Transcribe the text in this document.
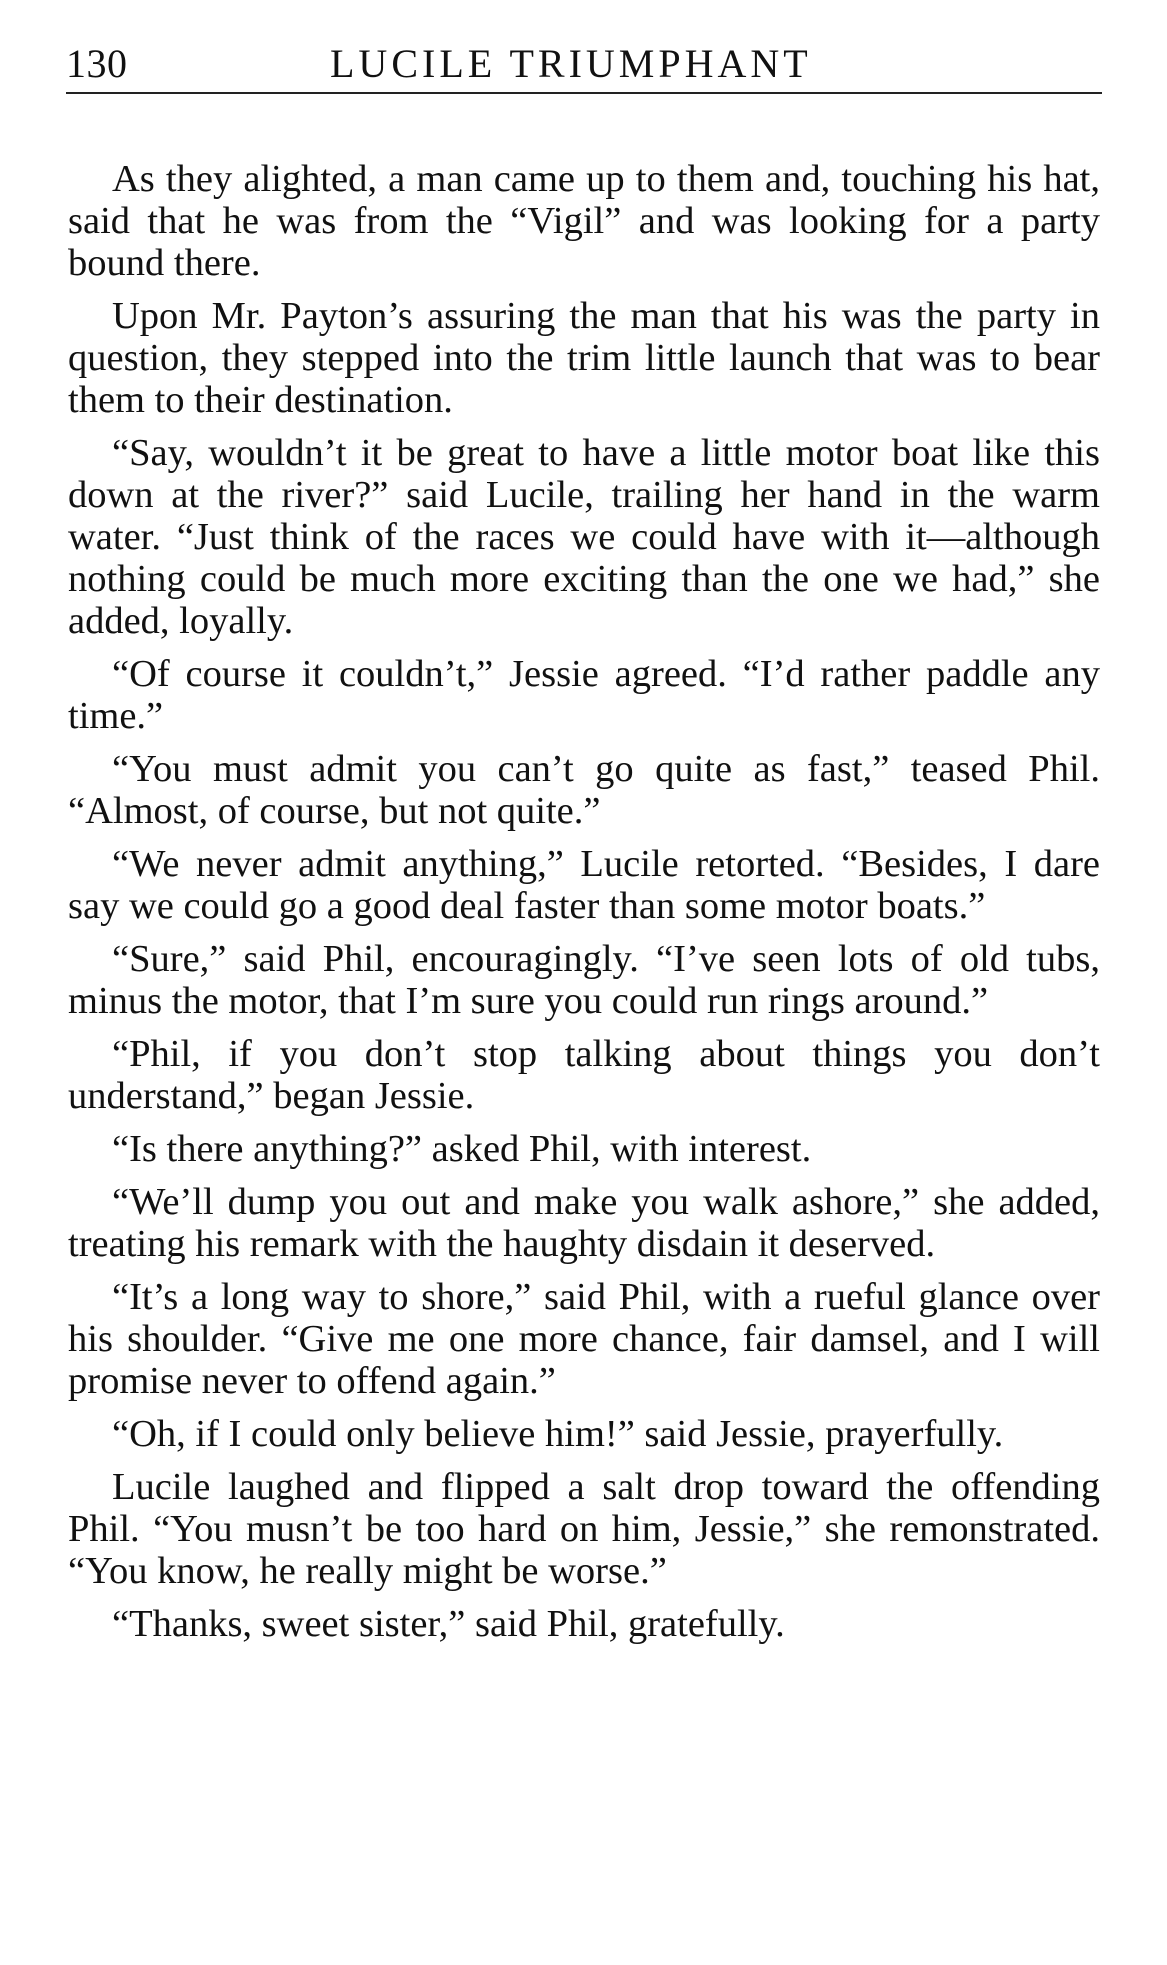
130	LUCILE TRIUMPHANT

As they alighted, a man came up to them and, touching his hat, said that he was from the “Vigil” and was looking for a party bound there.

Upon Mr. Payton’s assuring the man that his was the party in question, they stepped into the trim little launch that was to bear them to their destination.

“Say, wouldn’t it be great to have a little motor boat like this down at the river?” said Lucile, trailing her hand in the warm water. “Just think of the races we could have with it—although nothing could be much more exciting than the one we had,” she added, loyally.

“Of course it couldn’t,” Jessie agreed. “I’d rather paddle any time.”

“You must admit you can’t go quite as fast,” teased Phil. “Almost, of course, but not quite.”

“We never admit anything,” Lucile retorted. “Besides, I dare say we could go a good deal faster than some motor boats.”

“Sure,” said Phil, encouragingly. “I’ve seen lots of old tubs, minus the motor, that I’m sure you could run rings around.”

“Phil, if you don’t stop talking about things you don’t understand,” began Jessie.

“Is there anything?” asked Phil, with interest.

“We’ll dump you out and make you walk ashore,” she added, treating his remark with the haughty disdain it deserved.

“It’s a long way to shore,” said Phil, with a rueful glance over his shoulder. “Give me one more chance, fair damsel, and I will promise never to offend again.”

“Oh, if I could only believe him!” said Jessie, prayerfully.

Lucile laughed and flipped a salt drop toward the offending Phil. “You musn’t be too hard on him, Jessie,” she remonstrated. “You know, he really might be worse.”

“Thanks, sweet sister,” said Phil, gratefully.
